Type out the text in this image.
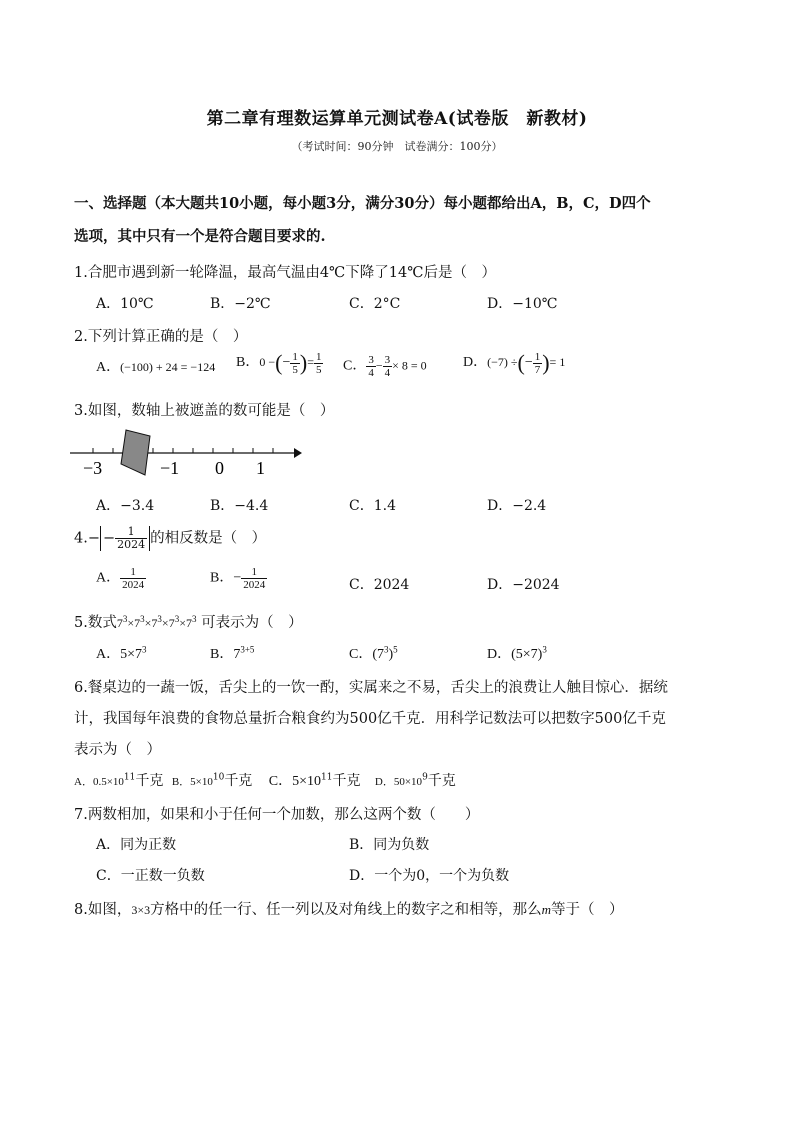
第二章有理数运算单元测试卷A(试卷版　新教材)
（考试时间：90分钟　试卷满分：100分）
一、选择题（本大题共10小题，每小题3分，满分30分）每小题都给出A，B，C，D四个
选项，其中只有一个是符合题目要求的.
1.合肥市遇到新一轮降温，最高气温由4℃下降了14℃后是（　）
A．10℃	B．−2℃	C．2°C	D．−10℃
2.下列计算正确的是（　）
A．(−100) + 24 = −124 B．0 −(− $\frac{1}{5}$ )= $\frac{1}{5}$ C． $\frac{3}{4} - \frac{3}{4} \times 8 = 0$	D．(−7) ÷(− $\frac{1}{7}$ )= 1
3.如图，数轴上被遮盖的数可能是（　）
−3	−1 0 1
A．−3.4	B．−4.4	C．1.4	D．−2.4
$4.- - \frac{1}{2024}$ 的相反数是（　）
A． $\frac{1}{2024}$	B．− $\frac{1}{2024}$	C．2024	D．−2024
5.数式$7^3\times 7^3\times 7^3\times 7^3\times 7^3$ 可表示为（　）
A．$5\times 7^3$	B．$7^{3+5}$	C．$(7^3)^5$	D．$(5\times 7)^3$
6.餐桌边的一蔬一饭，舌尖上的一饮一酌，实属来之不易，舌尖上的浪费让人触目惊心．据统
计，我国每年浪费的食物总量折合粮食约为500亿千克．用科学记数法可以把数字500亿千克
表示为（　）
A．$0.5\times 10^{11}$千克 B．$5\times 10^{10}$千克 C．$5\times 10^{11}$千克 D．$50\times 10^9$千克
7.两数相加，如果和小于任何一个加数，那么这两个数（　　）
A．同为正数	B．同为负数
C．一正数一负数	D．一个为0，一个为负数
8.如图，3×3方格中的任一行、任一列以及对角线上的数字之和相等，那么m等于（　）
